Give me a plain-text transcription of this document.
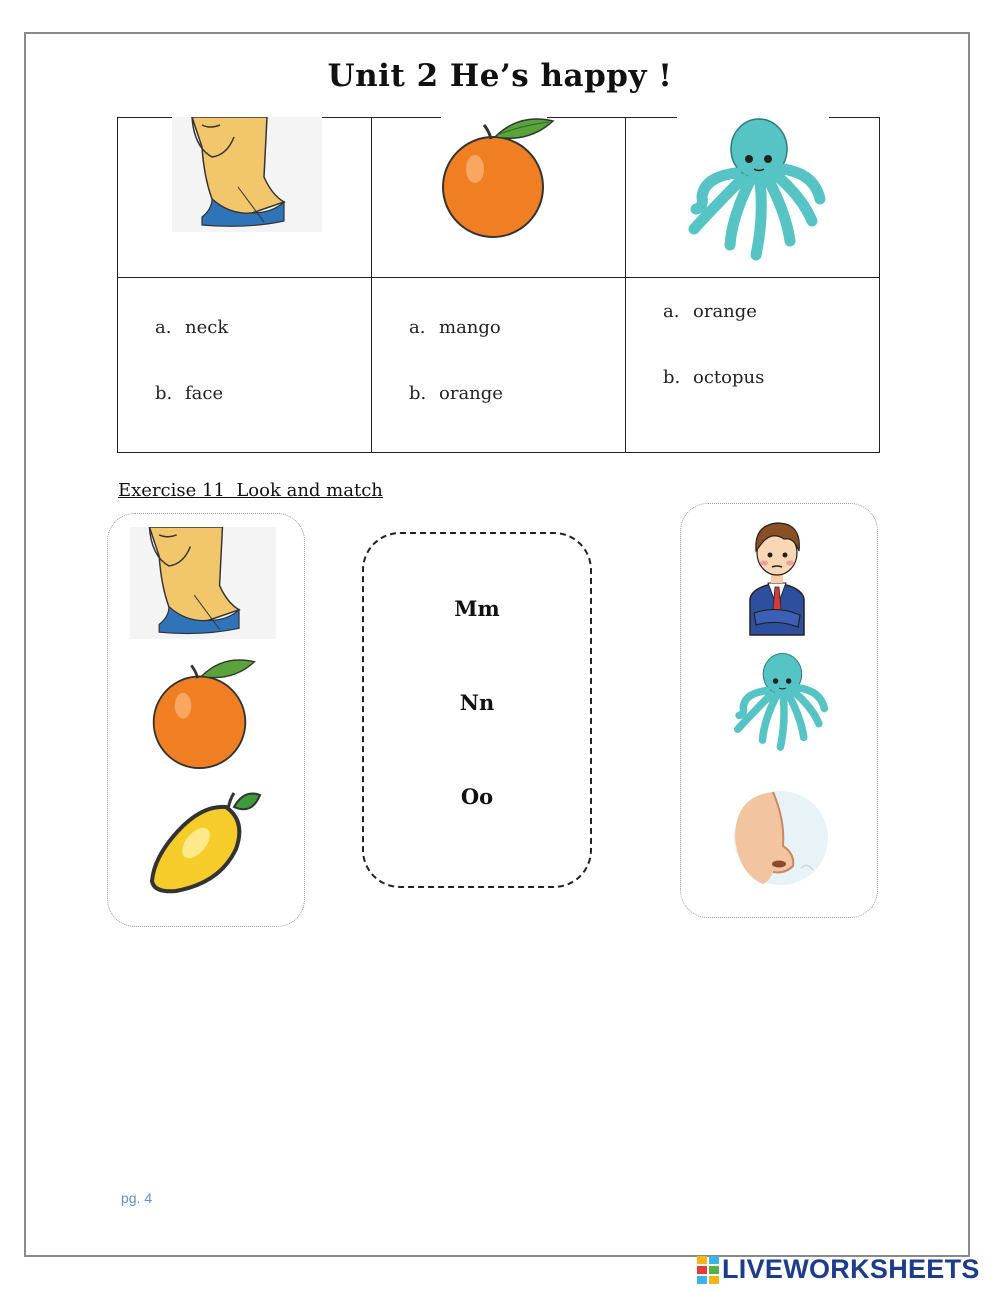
Unit 2 He’s happy !
a. neck
b. face
a. mango
b. orange
a. orange
b. octopus
Exercise 11  Look and match
Mm
Nn
Oo
pg. 4
LIVEWORKSHEETS
